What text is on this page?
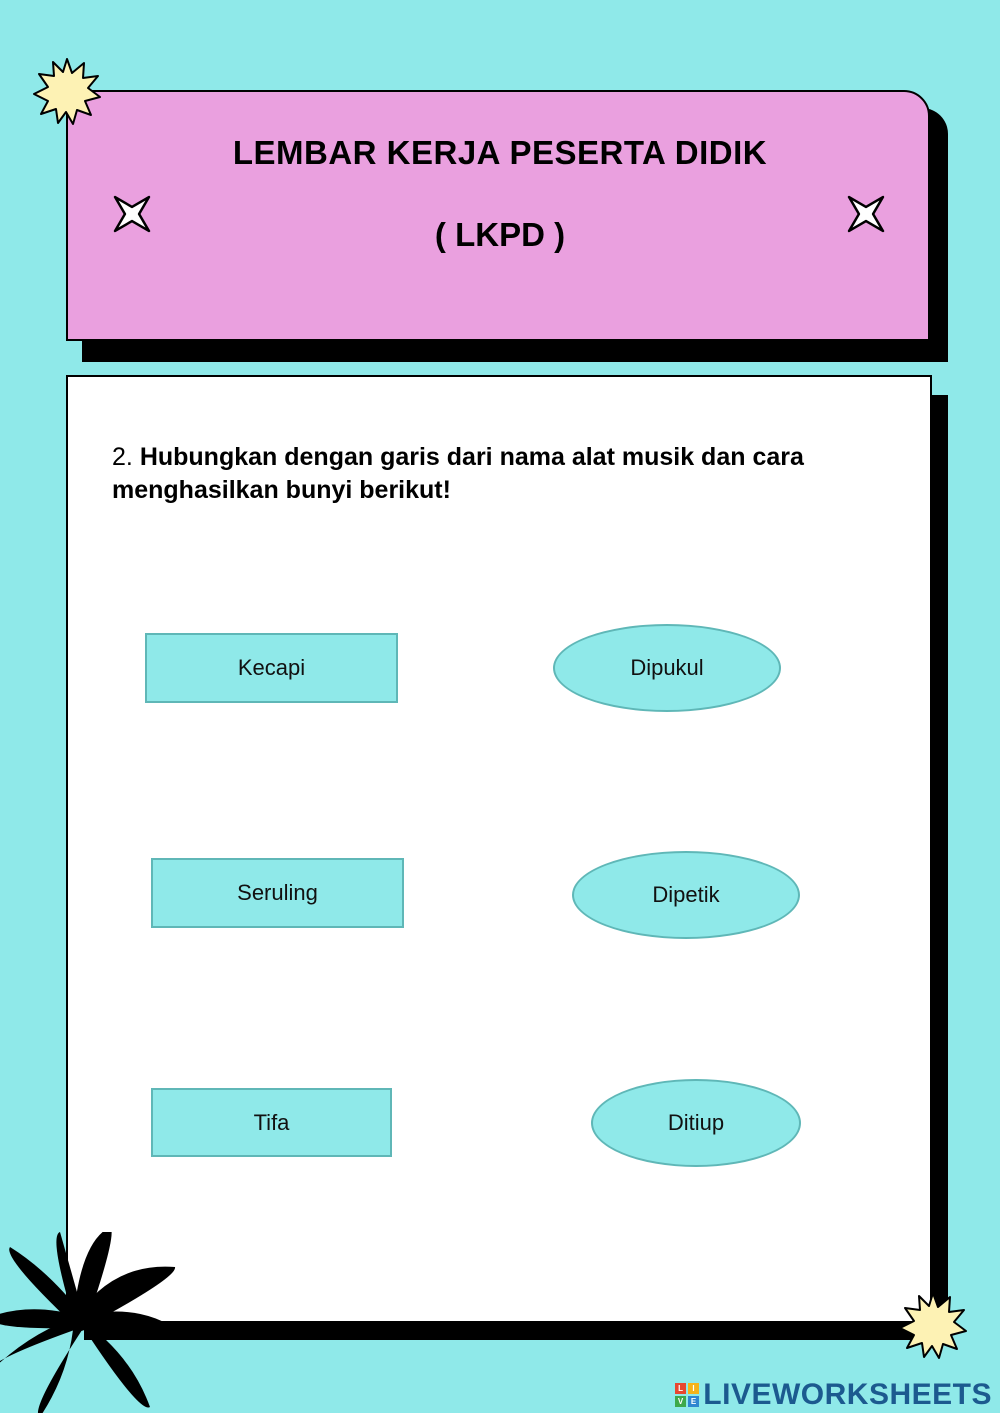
LEMBAR KERJA PESERTA DIDIK
( LKPD )
2. Hubungkan dengan garis dari nama alat musik dan cara menghasilkan bunyi berikut!
Kecapi
Seruling
Tifa
Dipukul
Dipetik
Ditiup
L	I
V E LIVEWORKSHEETS
